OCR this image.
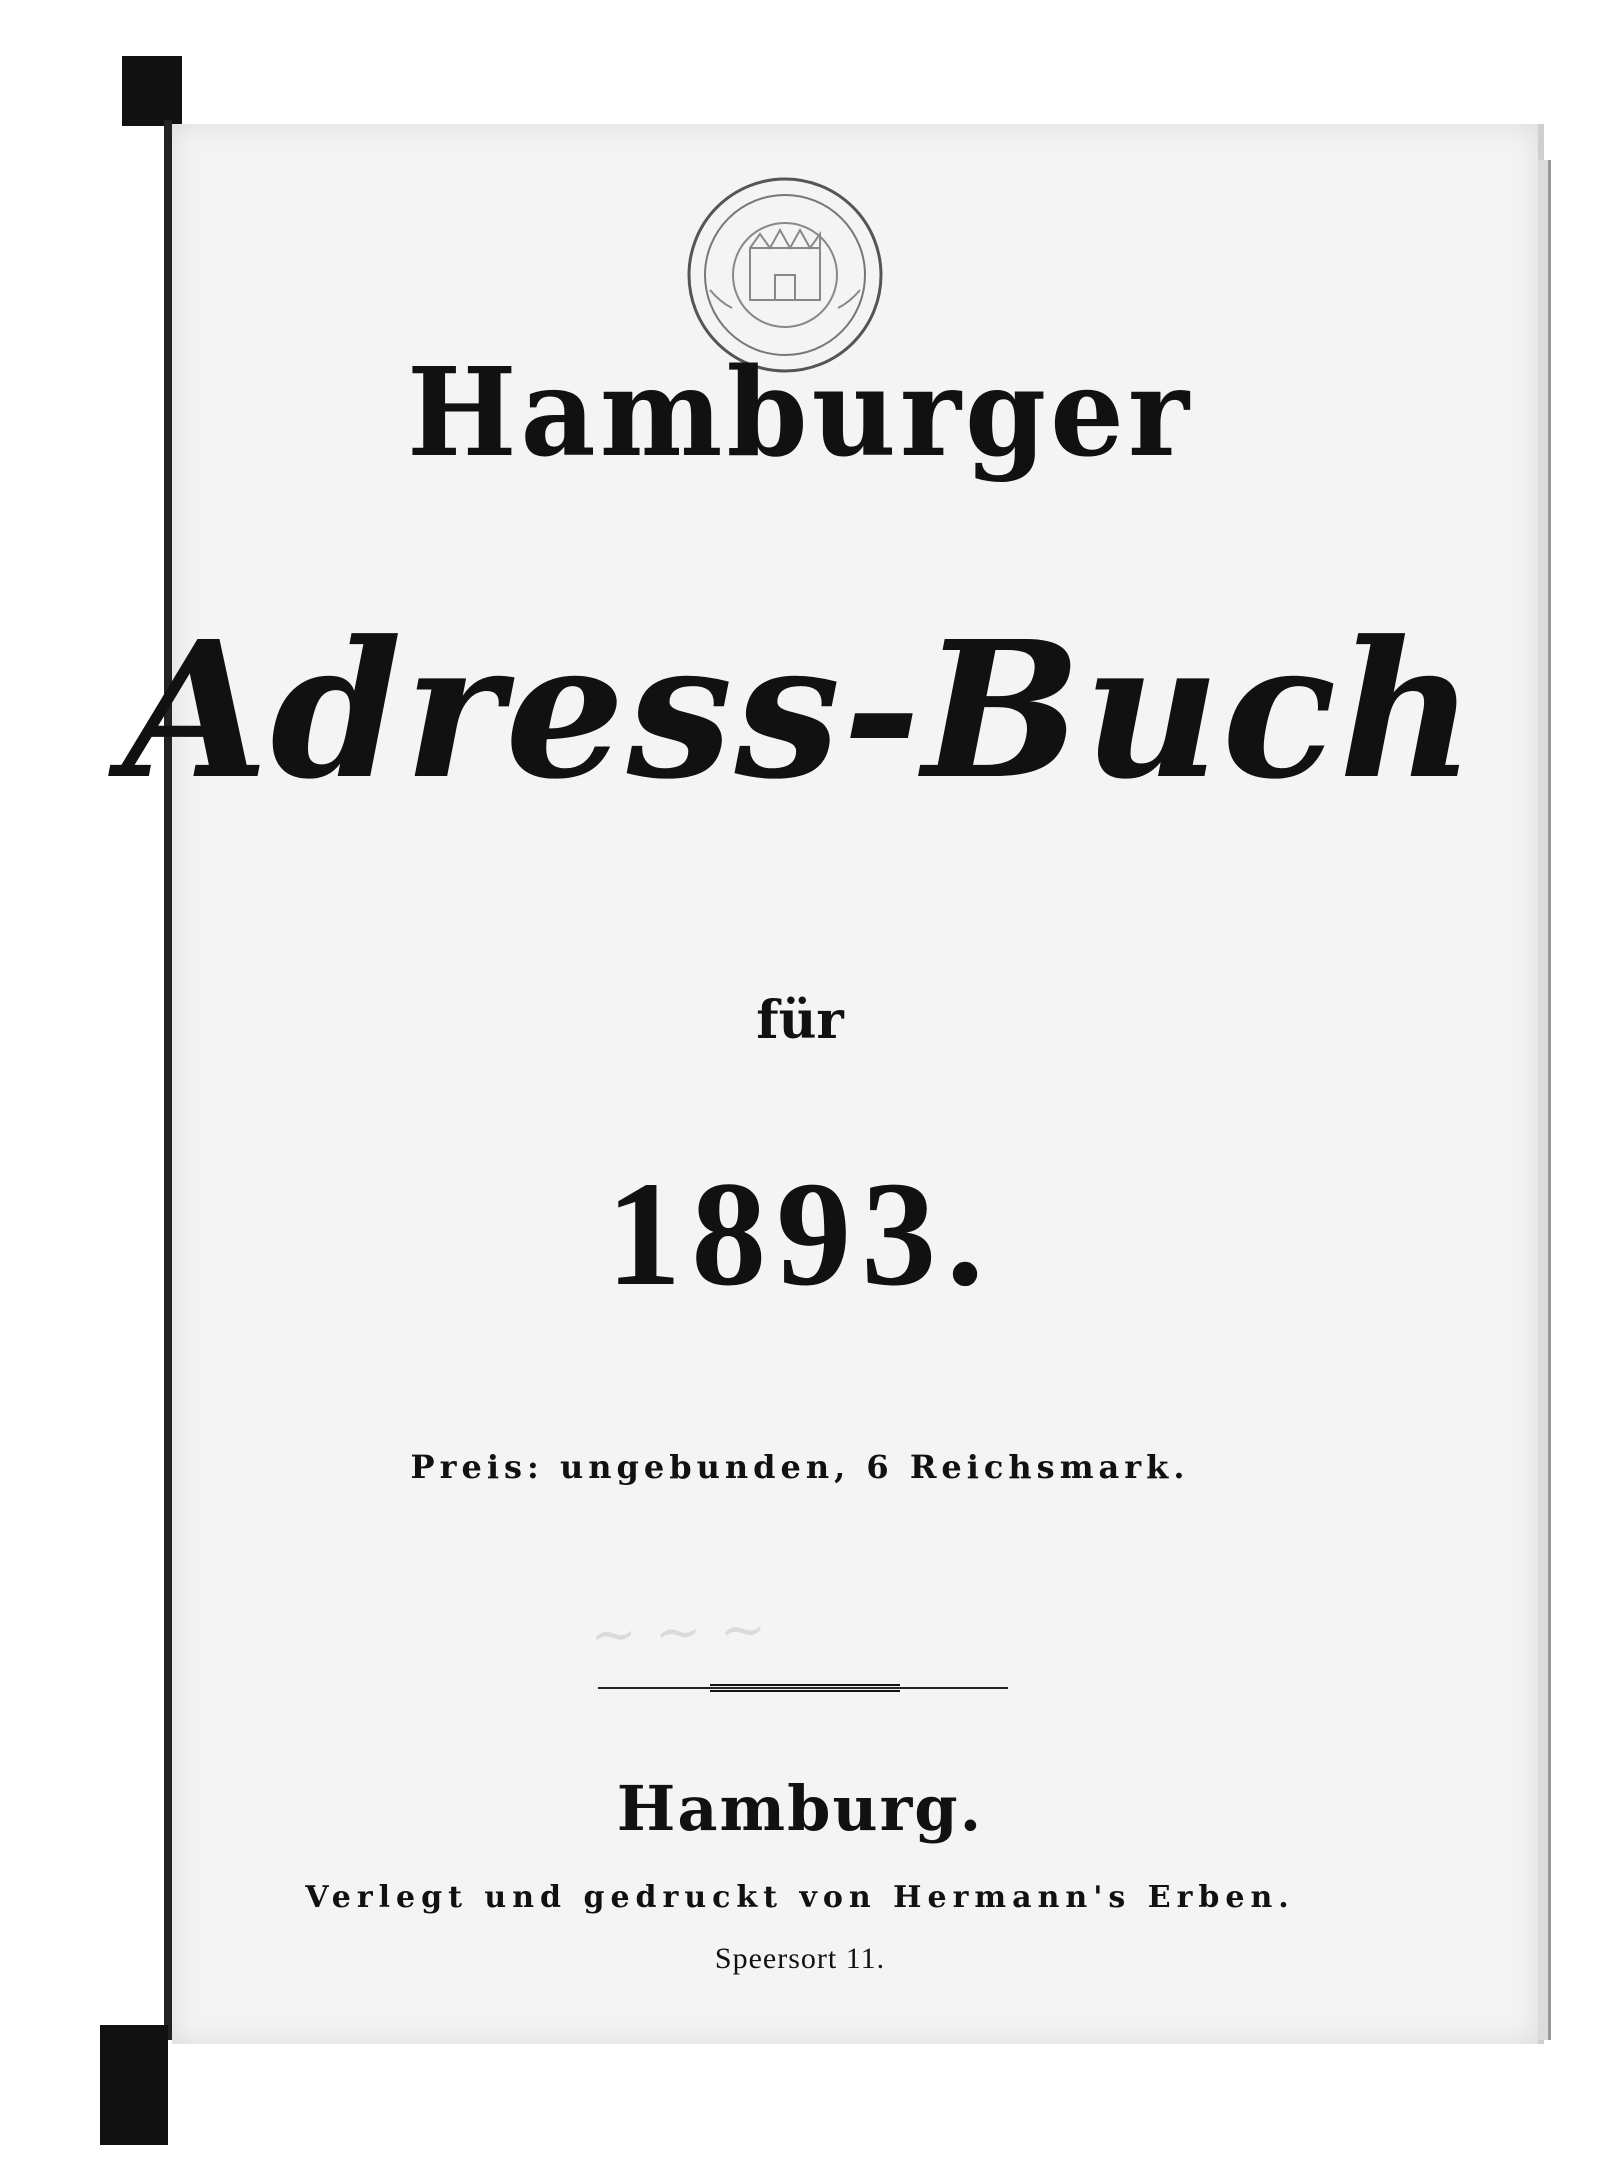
Hamburger
Adress-Buch
für
1893.
Preis: ungebunden, 6 Reichsmark.
~ ~ ~
Hamburg.
Verlegt und gedruckt von Hermann's Erben.
Speersort 11.
